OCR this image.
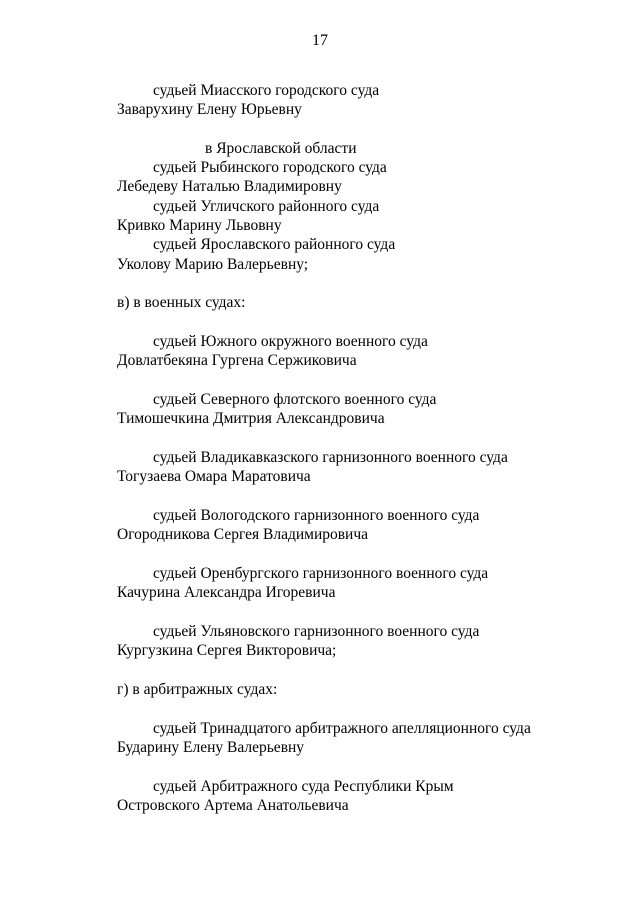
17
судьей Миасского городского суда
Заварухину Елену Юрьевну
в Ярославской области
судьей Рыбинского городского суда
Лебедеву Наталью Владимировну
судьей Угличского районного суда
Кривко Марину Львовну
судьей Ярославского районного суда
Уколову Марию Валерьевну;
в) в военных судах:
судьей Южного окружного военного суда
Довлатбекяна Гургена Сержиковича
судьей Северного флотского военного суда
Тимошечкина Дмитрия Александровича
судьей Владикавказского гарнизонного военного суда
Тогузаева Омара Маратовича
судьей Вологодского гарнизонного военного суда
Огородникова Сергея Владимировича
судьей Оренбургского гарнизонного военного суда
Качурина Александра Игоревича
судьей Ульяновского гарнизонного военного суда
Кургузкина Сергея Викторовича;
г) в арбитражных судах:
судьей Тринадцатого арбитражного апелляционного суда
Бударину Елену Валерьевну
судьей Арбитражного суда Республики Крым
Островского Артема Анатольевича
